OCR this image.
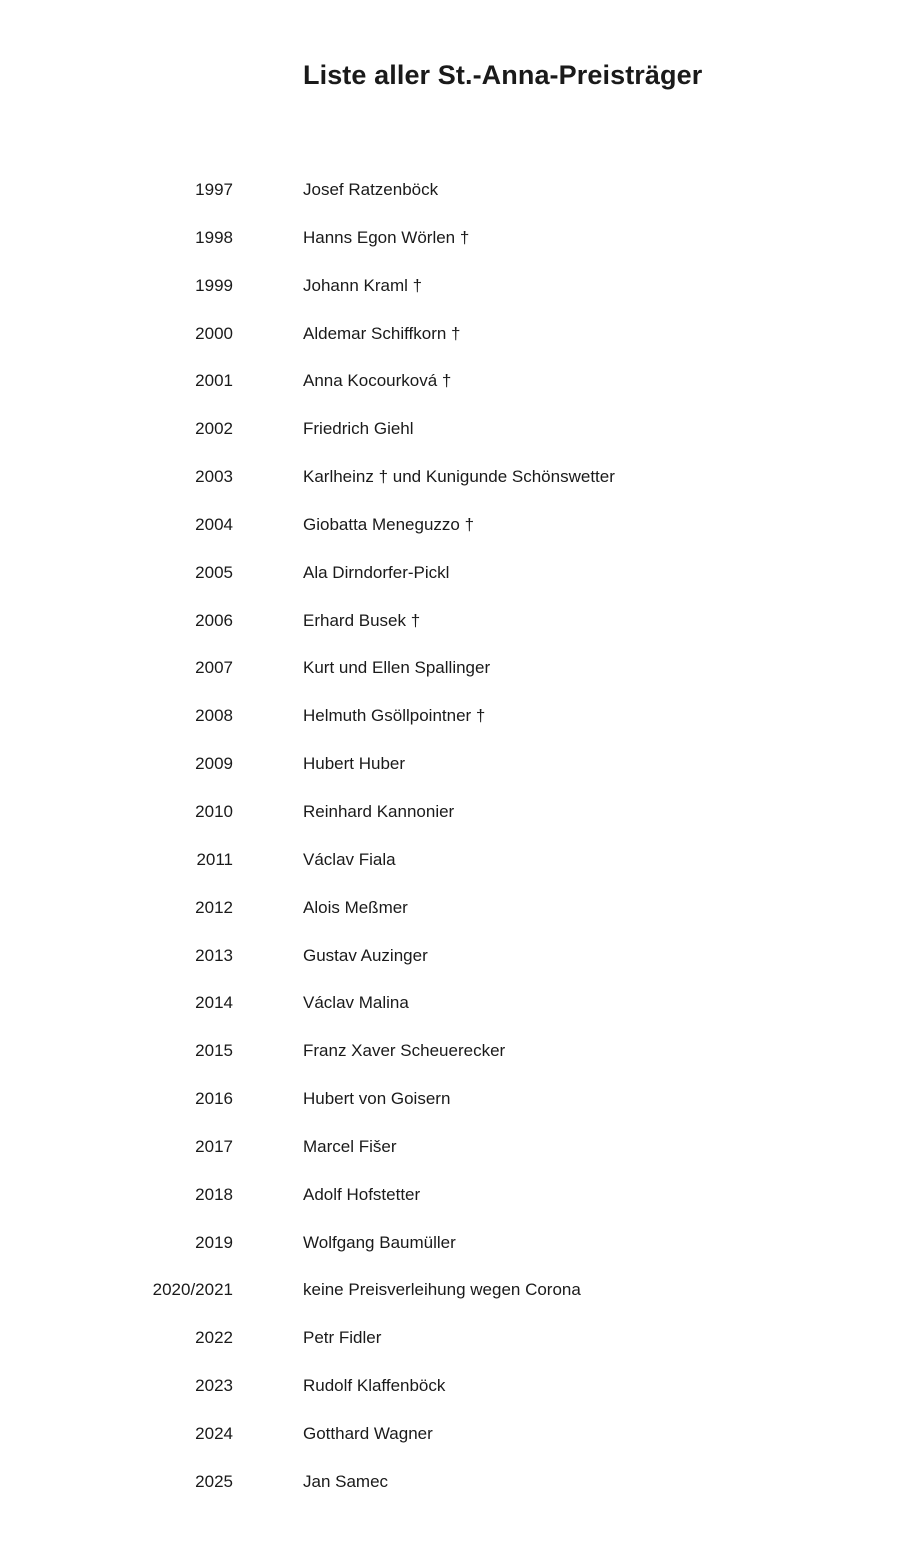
Liste aller St.-Anna-Preisträger
1997	Josef Ratzenböck
1998	Hanns Egon Wörlen †
1999	Johann Kraml †
2000	Aldemar Schiffkorn †
2001	Anna Kocourková †
2002	Friedrich Giehl
2003	Karlheinz † und Kunigunde Schönswetter
2004	Giobatta Meneguzzo †
2005	Ala Dirndorfer-Pickl
2006	Erhard Busek †
2007	Kurt und Ellen Spallinger
2008	Helmuth Gsöllpointner †
2009	Hubert Huber
2010	Reinhard Kannonier
2011	Václav Fiala
2012	Alois Meßmer
2013	Gustav Auzinger
2014	Václav Malina
2015	Franz Xaver Scheuerecker
2016	Hubert von Goisern
2017	Marcel Fišer
2018	Adolf Hofstetter
2019	Wolfgang Baumüller
2020/2021	keine Preisverleihung wegen Corona
2022	Petr Fidler
2023	Rudolf Klaffenböck
2024	Gotthard Wagner
2025	Jan Samec
